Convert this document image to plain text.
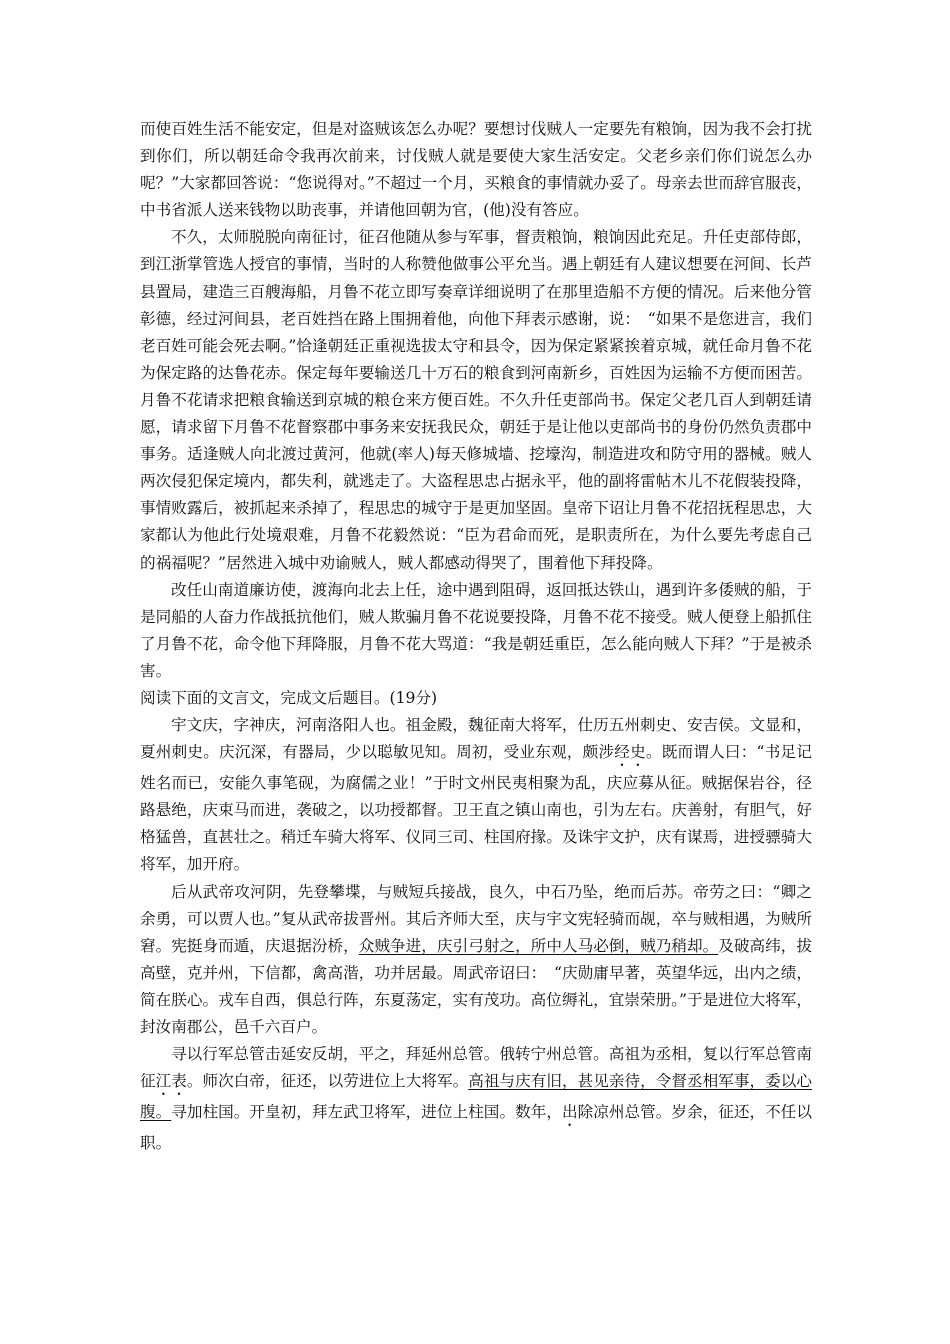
而使百姓生活不能安定，但是对盗贼该怎么办呢？要想讨伐贼人一定要先有粮饷，因为我不会打扰到你们，所以朝廷命令我再次前来，讨伐贼人就是要使大家生活安定。父老乡亲们你们说怎么办呢？”大家都回答说：“您说得对。”不超过一个月，买粮食的事情就办妥了。母亲去世而辞官服丧，中书省派人送来钱物以助丧事，并请他回朝为官，(他)没有答应。

不久，太师脱脱向南征讨，征召他随从参与军事，督责粮饷，粮饷因此充足。升任吏部侍郎，到江浙掌管选人授官的事情，当时的人称赞他做事公平允当。遇上朝廷有人建议想要在河间、长芦县置局，建造三百艘海船，月鲁不花立即写奏章详细说明了在那里造船不方便的情况。后来他分管彰德，经过河间县，老百姓挡在路上围拥着他，向他下拜表示感谢，说：　“如果不是您进言，我们老百姓可能会死去啊。”恰逢朝廷正重视选拔太守和县令，因为保定紧紧挨着京城，就任命月鲁不花为保定路的达鲁花赤。保定每年要输送几十万石的粮食到河南新乡，百姓因为运输不方便而困苦。月鲁不花请求把粮食输送到京城的粮仓来方便百姓。不久升任吏部尚书。保定父老几百人到朝廷请愿，请求留下月鲁不花督察郡中事务来安抚我民众，朝廷于是让他以吏部尚书的身份仍然负责郡中事务。适逢贼人向北渡过黄河，他就(率人)每天修城墙、挖壕沟，制造进攻和防守用的器械。贼人两次侵犯保定境内，都失利，就逃走了。大盗程思忠占据永平，他的副将雷帖木儿不花假装投降，事情败露后，被抓起来杀掉了，程思忠的城守于是更加坚固。皇帝下诏让月鲁不花招抚程思忠，大家都认为他此行处境艰难，月鲁不花毅然说：“臣为君命而死，是职责所在，为什么要先考虑自己的祸福呢？”居然进入城中劝谕贼人，贼人都感动得哭了，围着他下拜投降。

改任山南道廉访使，渡海向北去上任，途中遇到阻碍，返回抵达铁山，遇到许多倭贼的船，于是同船的人奋力作战抵抗他们，贼人欺骗月鲁不花说要投降，月鲁不花不接受。贼人便登上船抓住了月鲁不花，命令他下拜降服，月鲁不花大骂道：“我是朝廷重臣，怎么能向贼人下拜？”于是被杀害。

阅读下面的文言文，完成文后题目。(19分)

宇文庆，字神庆，河南洛阳人也。祖金殿，魏征南大将军，仕历五州刺史、安吉侯。文显和，夏州刺史。庆沉深，有器局，少以聪敏见知。周初，受业东观，颇涉经史。既而谓人曰：“书足记姓名而已，安能久事笔砚，为腐儒之业！”于时文州民夷相聚为乱，庆应募从征。贼据保岩谷，径路悬绝，庆束马而进，袭破之，以功授都督。卫王直之镇山南也，引为左右。庆善射，有胆气，好格猛兽，直甚壮之。稍迁车骑大将军、仪同三司、柱国府掾。及诛宇文护，庆有谋焉，进授骠骑大将军，加开府。

后从武帝攻河阴，先登攀堞，与贼短兵接战，良久，中石乃坠，绝而后苏。帝劳之曰：“卿之余勇，可以贾人也。”复从武帝拔晋州。其后齐师大至，庆与宇文宪轻骑而觇，卒与贼相遇，为贼所窘。宪挺身而遁，庆退据汾桥，众贼争进，庆引弓射之，所中人马必倒，贼乃稍却。及破高纬，拔高壁，克并州，下信都，禽高湝，功并居最。周武帝诏曰：　“庆勋庸早著，英望华远，出内之绩，简在朕心。戎车自西，俱总行阵，东夏荡定，实有茂功。高位缛礼，宜崇荣册。”于是进位大将军，封汝南郡公，邑千六百户。

寻以行军总管击延安反胡，平之，拜延州总管。俄转宁州总管。高祖为丞相，复以行军总管南征江表。师次白帝，征还，以劳进位上大将军。高祖与庆有旧，甚见亲待，令督丞相军事，委以心腹。寻加柱国。开皇初，拜左武卫将军，进位上柱国。数年，出除凉州总管。岁余，征还，不任以职。
